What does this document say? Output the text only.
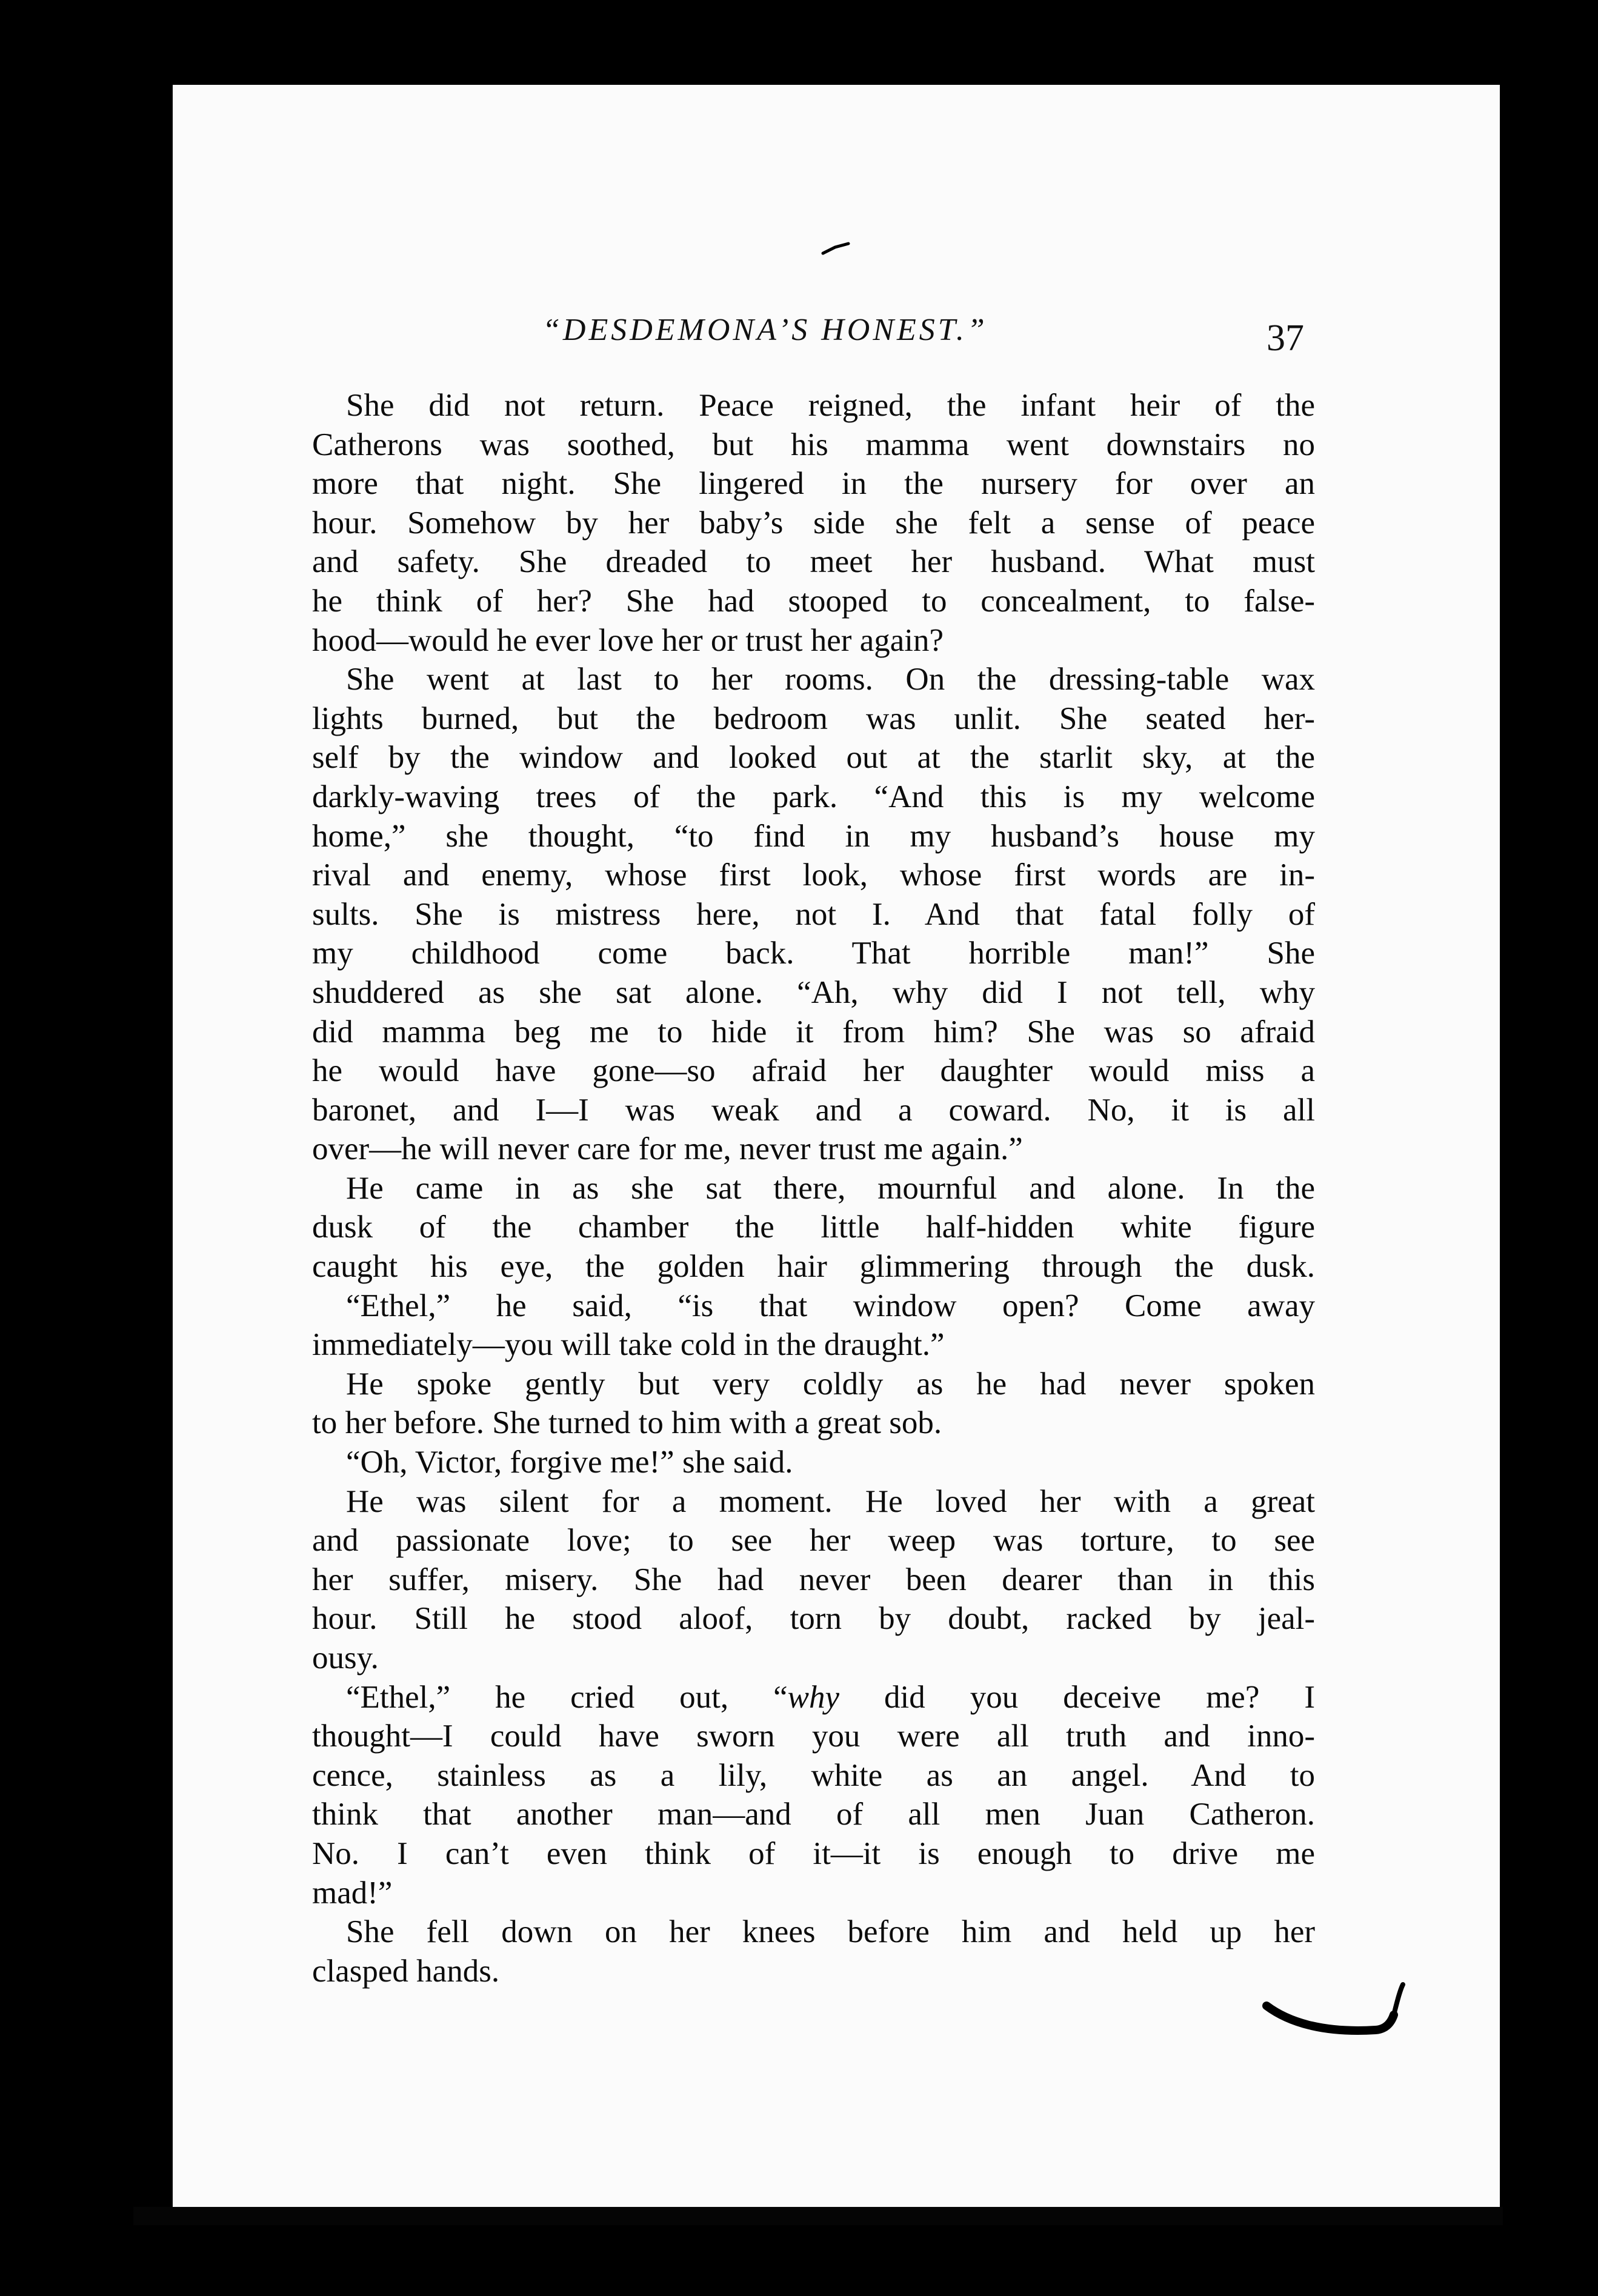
“DESDEMONA’S HONEST.”	37
She did not return. Peace reigned, the infant heir of the
Catherons was soothed, but his mamma went downstairs no
more that night. She lingered in the nursery for over an
hour. Somehow by her baby’s side she felt a sense of peace
and safety. She dreaded to meet her husband. What must
he think of her? She had stooped to concealment, to false-
hood—would he ever love her or trust her again?
She went at last to her rooms. On the dressing-table wax
lights burned, but the bedroom was unlit. She seated her-
self by the window and looked out at the starlit sky, at the
darkly-waving trees of the park. “And this is my welcome
home,” she thought, “to find in my husband’s house my
rival and enemy, whose first look, whose first words are in-
sults. She is mistress here, not I. And that fatal folly of
my childhood come back. That horrible man!” She
shuddered as she sat alone. “Ah, why did I not tell, why
did mamma beg me to hide it from him? She was so afraid
he would have gone—so afraid her daughter would miss a
baronet, and I—I was weak and a coward. No, it is all
over—he will never care for me, never trust me again.”
He came in as she sat there, mournful and alone. In the
dusk of the chamber the little half-hidden white figure
caught his eye, the golden hair glimmering through the dusk.
“Ethel,” he said, “is that window open? Come away
immediately—you will take cold in the draught.”
He spoke gently but very coldly as he had never spoken
to her before. She turned to him with a great sob.
“Oh, Victor, forgive me!” she said.
He was silent for a moment. He loved her with a great
and passionate love; to see her weep was torture, to see
her suffer, misery. She had never been dearer than in this
hour. Still he stood aloof, torn by doubt, racked by jeal-
ousy.
“Ethel,” he cried out, “why did you deceive me? I
thought—I could have sworn you were all truth and inno-
cence, stainless as a lily, white as an angel. And to
think that another man—and of all men Juan Catheron.
No. I can’t even think of it—it is enough to drive me
mad!”
She fell down on her knees before him and held up her
clasped hands.
